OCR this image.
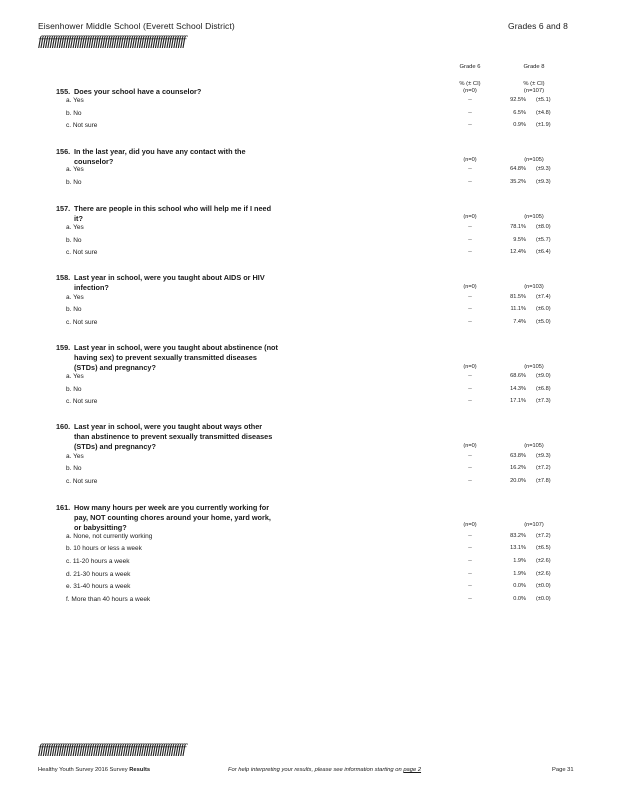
Eisenhower Middle School (Everett School District)	Grades 6 and 8
ffffffffffffffffffffffffffffffffffffffffffffffffffffffffffffffff
Grade 6	Grade 8
% (± CI)
(n=0)
% (± CI)
(n=107)
155. Does your school have a counselor?
a. Yes	--	92.5% (±5.1)
b. No	--	6.5% (±4.8)
c. Not sure	--	0.9% (±1.9)
156. In the last year, did you have any contact with the
counselor?	(n=0)	(n=105)
a. Yes	--	64.8% (±9.3)
b. No	--	35.2% (±9.3)
157. There are people in this school who will help me if I need
it?	(n=0)	(n=105)
a. Yes	--	78.1% (±8.0)
b. No	--	9.5% (±5.7)
c. Not sure	--	12.4% (±6.4)
158. Last year in school, were you taught about AIDS or HIV
infection?	(n=0)	(n=103)
a. Yes	--	81.5% (±7.4)
b. No	--	11.1% (±6.0)
c. Not sure	--	7.4% (±5.0)
159. Last year in school, were you taught about abstinence (not
having sex) to prevent sexually transmitted diseases
(STDs) and pregnancy?	(n=0)	(n=105)
a. Yes	--	68.6% (±9.0)
b. No	--	14.3% (±6.8)
c. Not sure	--	17.1% (±7.3)
160. Last year in school, were you taught about ways other
than abstinence to prevent sexually transmitted diseases
(STDs) and pregnancy?	(n=0)	(n=105)
a. Yes	--	63.8% (±9.3)
b. No	--	16.2% (±7.2)
c. Not sure	--	20.0% (±7.8)
161. How many hours per week are you currently working for
pay, NOT counting chores around your home, yard work,
or babysitting?	(n=0)	(n=107)
a. None, not currently working	--	83.2% (±7.2)
b. 10 hours or less a week	--	13.1% (±6.5)
c. 11-20 hours a week	--	1.9% (±2.6)
d. 21-30 hours a week	--	1.9% (±2.6)
e. 31-40 hours a week	--	0.0% (±0.0)
f. More than 40 hours a week	--	0.0% (±0.0)
ffffffffffffffffffffffffffffffffffffffffffffffffffffffffffffffff
Healthy Youth Survey 2016 Survey Results	For help interpreting your results, please see information starting on page 2	Page 31
